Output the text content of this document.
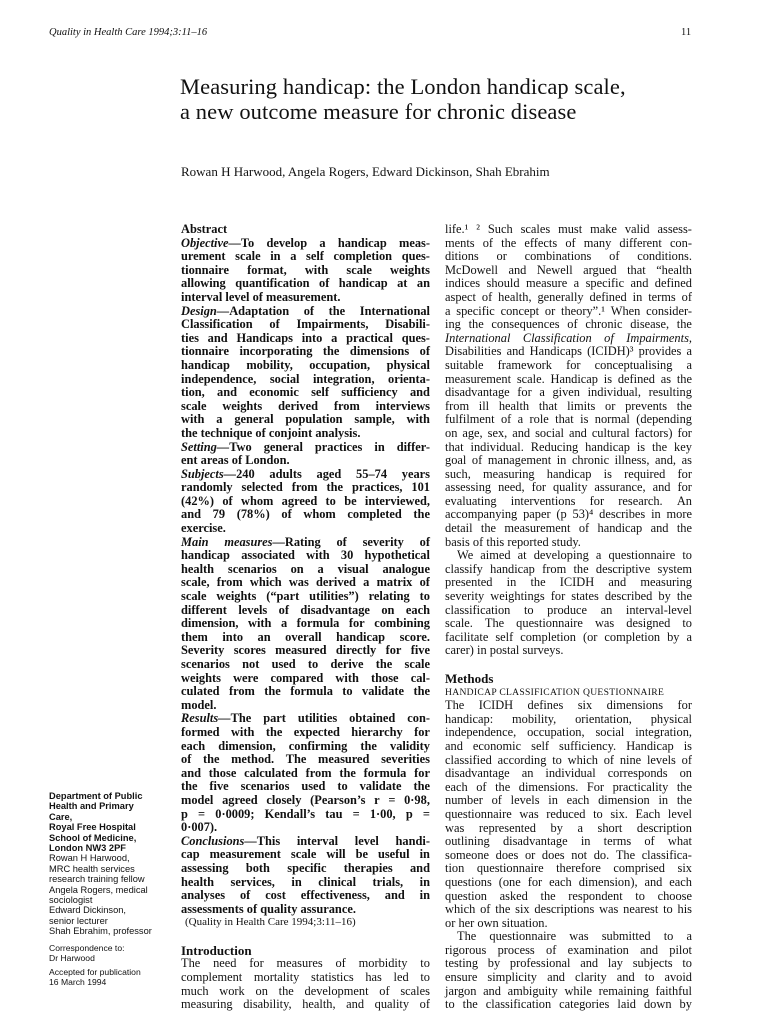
Quality in Health Care 1994;3:11–16	11
Measuring handicap: the London handicap scale,
a new outcome measure for chronic disease
Rowan H Harwood, Angela Rogers, Edward Dickinson, Shah Ebrahim
Abstract
Objective—To develop a handicap meas-
urement scale in a self completion ques-
tionnaire format, with scale weights
allowing quantification of handicap at an
interval level of measurement.
Design—Adaptation of the International
Classification of Impairments, Disabili-
ties and Handicaps into a practical ques-
tionnaire incorporating the dimensions of
handicap mobility, occupation, physical
independence, social integration, orienta-
tion, and economic self sufficiency and
scale weights derived from interviews
with a general population sample, with
the technique of conjoint analysis.
Setting—Two general practices in differ-
ent areas of London.
Subjects—240 adults aged 55–74 years
randomly selected from the practices, 101
(42%) of whom agreed to be interviewed,
and 79 (78%) of whom completed the
exercise.
Main measures—Rating of severity of
handicap associated with 30 hypothetical
health scenarios on a visual analogue
scale, from which was derived a matrix of
scale weights (“part utilities”) relating to
different levels of disadvantage on each
dimension, with a formula for combining
them into an overall handicap score.
Severity scores measured directly for five
scenarios not used to derive the scale
weights were compared with those cal-
culated from the formula to validate the
model.
Results—The part utilities obtained con-
formed with the expected hierarchy for
each dimension, confirming the validity
of the method. The measured severities
and those calculated from the formula for
the five scenarios used to validate the
model agreed closely (Pearson’s r = 0·98,
p = 0·0009; Kendall’s tau = 1·00, p =
0·007).
Conclusions—This interval level handi-
cap measurement scale will be useful in
assessing both specific therapies and
health services, in clinical trials, in
analyses of cost effectiveness, and in
assessments of quality assurance.
(Quality in Health Care 1994;3:11–16)
Introduction
The need for measures of morbidity to
complement mortality statistics has led to
much work on the development of scales
measuring disability, health, and quality of
life.¹ ² Such scales must make valid assess-
ments of the effects of many different con-
ditions or combinations of conditions.
McDowell and Newell argued that “health
indices should measure a specific and defined
aspect of health, generally defined in terms of
a specific concept or theory”.¹ When consider-
ing the consequences of chronic disease, the
International Classification of Impairments,
Disabilities and Handicaps (ICIDH)³ provides a
suitable framework for conceptualising a
measurement scale. Handicap is defined as the
disadvantage for a given individual, resulting
from ill health that limits or prevents the
fulfilment of a role that is normal (depending
on age, sex, and social and cultural factors) for
that individual. Reducing handicap is the key
goal of management in chronic illness, and, as
such, measuring handicap is required for
assessing need, for quality assurance, and for
evaluating interventions for research. An
accompanying paper (p 53)⁴ describes in more
detail the measurement of handicap and the
basis of this reported study.
We aimed at developing a questionnaire to
classify handicap from the descriptive system
presented in the ICIDH and measuring
severity weightings for states described by the
classification to produce an interval-level
scale. The questionnaire was designed to
facilitate self completion (or completion by a
carer) in postal surveys.
Methods
HANDICAP CLASSIFICATION QUESTIONNAIRE
The ICIDH defines six dimensions for
handicap: mobility, orientation, physical
independence, occupation, social integration,
and economic self sufficiency. Handicap is
classified according to which of nine levels of
disadvantage an individual corresponds on
each of the dimensions. For practicality the
number of levels in each dimension in the
questionnaire was reduced to six. Each level
was represented by a short description
outlining disadvantage in terms of what
someone does or does not do. The classifica-
tion questionnaire therefore comprised six
questions (one for each dimension), and each
question asked the respondent to choose
which of the six descriptions was nearest to his
or her own situation.
The questionnaire was submitted to a
rigorous process of examination and pilot
testing by professional and lay subjects to
ensure simplicity and clarity and to avoid
jargon and ambiguity while remaining faithful
to the classification categories laid down by
Department of Public
Health and Primary
Care,
Royal Free Hospital
School of Medicine,
London NW3 2PF
Rowan H Harwood,
MRC health services
research training fellow
Angela Rogers, medical
sociologist
Edward Dickinson,
senior lecturer
Shah Ebrahim, professor
Correspondence to:
Dr Harwood
Accepted for publication
16 March 1994
